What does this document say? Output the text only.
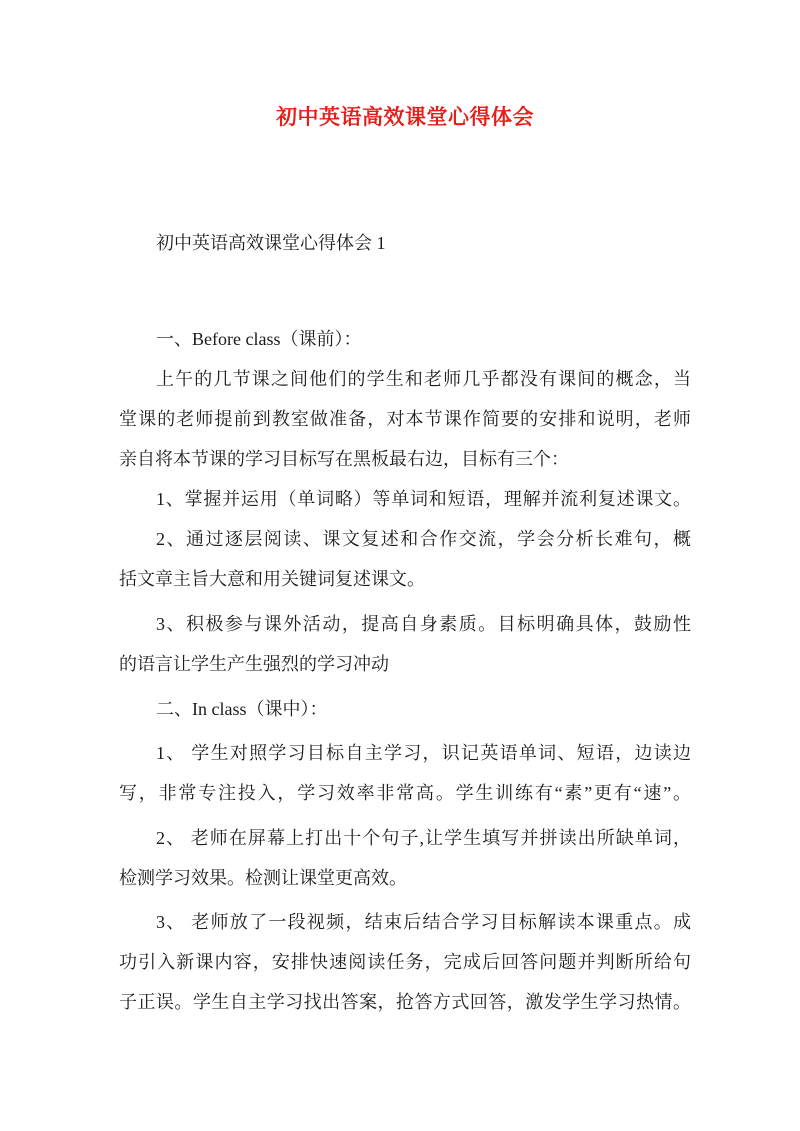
初中英语高效课堂心得体会
初中英语高效课堂心得体会 1
一、Before class（课前）：
上午的几节课之间他们的学生和老师几乎都没有课间的概念，当
堂课的老师提前到教室做准备，对本节课作简要的安排和说明，老师
亲自将本节课的学习目标写在黑板最右边，目标有三个：
1、掌握并运用（单词略）等单词和短语，理解并流利复述课文。
2、通过逐层阅读、课文复述和合作交流，学会分析长难句，概
括文章主旨大意和用关键词复述课文。
3、积极参与课外活动，提高自身素质。目标明确具体，鼓励性
的语言让学生产生强烈的学习冲动
二、In class（课中）：
1、 学生对照学习目标自主学习，识记英语单词、短语，边读边
写，非常专注投入，学习效率非常高。学生训练有“素”更有“速”。
2、 老师在屏幕上打出十个句子,让学生填写并拼读出所缺单词，
检测学习效果。检测让课堂更高效。
3、 老师放了一段视频，结束后结合学习目标解读本课重点。成
功引入新课内容，安排快速阅读任务，完成后回答问题并判断所给句
子正误。学生自主学习找出答案，抢答方式回答，激发学生学习热情。
